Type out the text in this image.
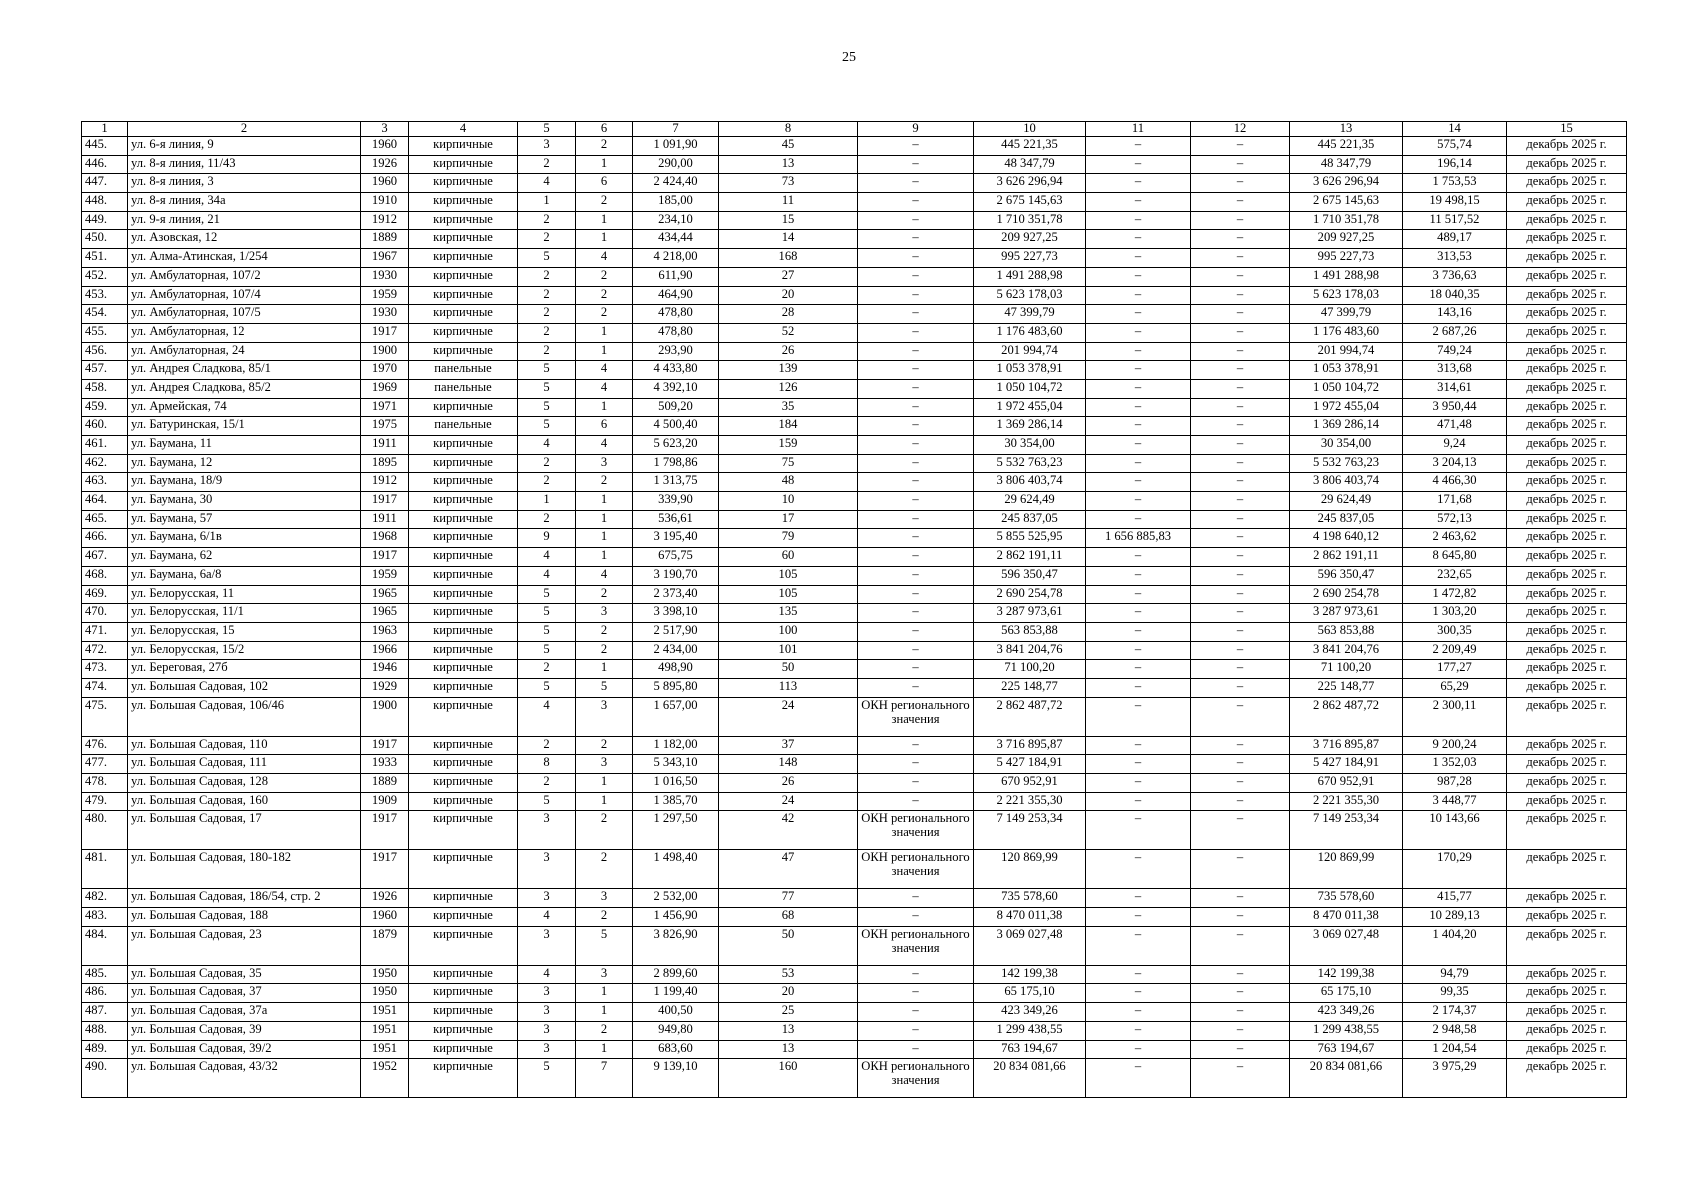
25
1	2	3	4	5	6	7	8	9	10	11	12	13	14	15
445.	ул. 6-я линия, 9	1960	кирпичные	3	2	1 091,90	45	–	445 221,35	–	–	445 221,35	575,74	декабрь 2025 г.
446.	ул. 8-я линия, 11/43	1926	кирпичные	2	1	290,00	13	–	48 347,79	–	–	48 347,79	196,14	декабрь 2025 г.
447.	ул. 8-я линия, 3	1960	кирпичные	4	6	2 424,40	73	–	3 626 296,94	–	–	3 626 296,94	1 753,53	декабрь 2025 г.
448.	ул. 8-я линия, 34а	1910	кирпичные	1	2	185,00	11	–	2 675 145,63	–	–	2 675 145,63	19 498,15	декабрь 2025 г.
449.	ул. 9-я линия, 21	1912	кирпичные	2	1	234,10	15	–	1 710 351,78	–	–	1 710 351,78	11 517,52	декабрь 2025 г.
450.	ул. Азовская, 12	1889	кирпичные	2	1	434,44	14	–	209 927,25	–	–	209 927,25	489,17	декабрь 2025 г.
451.	ул. Алма-Атинская, 1/254	1967	кирпичные	5	4	4 218,00	168	–	995 227,73	–	–	995 227,73	313,53	декабрь 2025 г.
452.	ул. Амбулаторная, 107/2	1930	кирпичные	2	2	611,90	27	–	1 491 288,98	–	–	1 491 288,98	3 736,63	декабрь 2025 г.
453.	ул. Амбулаторная, 107/4	1959	кирпичные	2	2	464,90	20	–	5 623 178,03	–	–	5 623 178,03	18 040,35	декабрь 2025 г.
454.	ул. Амбулаторная, 107/5	1930	кирпичные	2	2	478,80	28	–	47 399,79	–	–	47 399,79	143,16	декабрь 2025 г.
455.	ул. Амбулаторная, 12	1917	кирпичные	2	1	478,80	52	–	1 176 483,60	–	–	1 176 483,60	2 687,26	декабрь 2025 г.
456.	ул. Амбулаторная, 24	1900	кирпичные	2	1	293,90	26	–	201 994,74	–	–	201 994,74	749,24	декабрь 2025 г.
457.	ул. Андрея Сладкова, 85/1	1970	панельные	5	4	4 433,80	139	–	1 053 378,91	–	–	1 053 378,91	313,68	декабрь 2025 г.
458.	ул. Андрея Сладкова, 85/2	1969	панельные	5	4	4 392,10	126	–	1 050 104,72	–	–	1 050 104,72	314,61	декабрь 2025 г.
459.	ул. Армейская, 74	1971	кирпичные	5	1	509,20	35	–	1 972 455,04	–	–	1 972 455,04	3 950,44	декабрь 2025 г.
460.	ул. Батуринская, 15/1	1975	панельные	5	6	4 500,40	184	–	1 369 286,14	–	–	1 369 286,14	471,48	декабрь 2025 г.
461.	ул. Баумана, 11	1911	кирпичные	4	4	5 623,20	159	–	30 354,00	–	–	30 354,00	9,24	декабрь 2025 г.
462.	ул. Баумана, 12	1895	кирпичные	2	3	1 798,86	75	–	5 532 763,23	–	–	5 532 763,23	3 204,13	декабрь 2025 г.
463.	ул. Баумана, 18/9	1912	кирпичные	2	2	1 313,75	48	–	3 806 403,74	–	–	3 806 403,74	4 466,30	декабрь 2025 г.
464.	ул. Баумана, 30	1917	кирпичные	1	1	339,90	10	–	29 624,49	–	–	29 624,49	171,68	декабрь 2025 г.
465.	ул. Баумана, 57	1911	кирпичные	2	1	536,61	17	–	245 837,05	–	–	245 837,05	572,13	декабрь 2025 г.
466.	ул. Баумана, 6/1в	1968	кирпичные	9	1	3 195,40	79	–	5 855 525,95	1 656 885,83	–	4 198 640,12	2 463,62	декабрь 2025 г.
467.	ул. Баумана, 62	1917	кирпичные	4	1	675,75	60	–	2 862 191,11	–	–	2 862 191,11	8 645,80	декабрь 2025 г.
468.	ул. Баумана, 6а/8	1959	кирпичные	4	4	3 190,70	105	–	596 350,47	–	–	596 350,47	232,65	декабрь 2025 г.
469.	ул. Белорусская, 11	1965	кирпичные	5	2	2 373,40	105	–	2 690 254,78	–	–	2 690 254,78	1 472,82	декабрь 2025 г.
470.	ул. Белорусская, 11/1	1965	кирпичные	5	3	3 398,10	135	–	3 287 973,61	–	–	3 287 973,61	1 303,20	декабрь 2025 г.
471.	ул. Белорусская, 15	1963	кирпичные	5	2	2 517,90	100	–	563 853,88	–	–	563 853,88	300,35	декабрь 2025 г.
472.	ул. Белорусская, 15/2	1966	кирпичные	5	2	2 434,00	101	–	3 841 204,76	–	–	3 841 204,76	2 209,49	декабрь 2025 г.
473.	ул. Береговая, 27б	1946	кирпичные	2	1	498,90	50	–	71 100,20	–	–	71 100,20	177,27	декабрь 2025 г.
474.	ул. Большая Садовая, 102	1929	кирпичные	5	5	5 895,80	113	–	225 148,77	–	–	225 148,77	65,29	декабрь 2025 г.
475.	ул. Большая Садовая, 106/46	1900	кирпичные	4	3	1 657,00	24	ОКН регионального значения	2 862 487,72	–	–	2 862 487,72	2 300,11	декабрь 2025 г.
476.	ул. Большая Садовая, 110	1917	кирпичные	2	2	1 182,00	37	–	3 716 895,87	–	–	3 716 895,87	9 200,24	декабрь 2025 г.
477.	ул. Большая Садовая, 111	1933	кирпичные	8	3	5 343,10	148	–	5 427 184,91	–	–	5 427 184,91	1 352,03	декабрь 2025 г.
478.	ул. Большая Садовая, 128	1889	кирпичные	2	1	1 016,50	26	–	670 952,91	–	–	670 952,91	987,28	декабрь 2025 г.
479.	ул. Большая Садовая, 160	1909	кирпичные	5	1	1 385,70	24	–	2 221 355,30	–	–	2 221 355,30	3 448,77	декабрь 2025 г.
480.	ул. Большая Садовая, 17	1917	кирпичные	3	2	1 297,50	42	ОКН регионального значения	7 149 253,34	–	–	7 149 253,34	10 143,66	декабрь 2025 г.
481.	ул. Большая Садовая, 180-182	1917	кирпичные	3	2	1 498,40	47	ОКН регионального значения	120 869,99	–	–	120 869,99	170,29	декабрь 2025 г.
482.	ул. Большая Садовая, 186/54, стр. 2	1926	кирпичные	3	3	2 532,00	77	–	735 578,60	–	–	735 578,60	415,77	декабрь 2025 г.
483.	ул. Большая Садовая, 188	1960	кирпичные	4	2	1 456,90	68	–	8 470 011,38	–	–	8 470 011,38	10 289,13	декабрь 2025 г.
484.	ул. Большая Садовая, 23	1879	кирпичные	3	5	3 826,90	50	ОКН регионального значения	3 069 027,48	–	–	3 069 027,48	1 404,20	декабрь 2025 г.
485.	ул. Большая Садовая, 35	1950	кирпичные	4	3	2 899,60	53	–	142 199,38	–	–	142 199,38	94,79	декабрь 2025 г.
486.	ул. Большая Садовая, 37	1950	кирпичные	3	1	1 199,40	20	–	65 175,10	–	–	65 175,10	99,35	декабрь 2025 г.
487.	ул. Большая Садовая, 37а	1951	кирпичные	3	1	400,50	25	–	423 349,26	–	–	423 349,26	2 174,37	декабрь 2025 г.
488.	ул. Большая Садовая, 39	1951	кирпичные	3	2	949,80	13	–	1 299 438,55	–	–	1 299 438,55	2 948,58	декабрь 2025 г.
489.	ул. Большая Садовая, 39/2	1951	кирпичные	3	1	683,60	13	–	763 194,67	–	–	763 194,67	1 204,54	декабрь 2025 г.
490.	ул. Большая Садовая, 43/32	1952	кирпичные	5	7	9 139,10	160	ОКН регионального значения	20 834 081,66	–	–	20 834 081,66	3 975,29	декабрь 2025 г.
